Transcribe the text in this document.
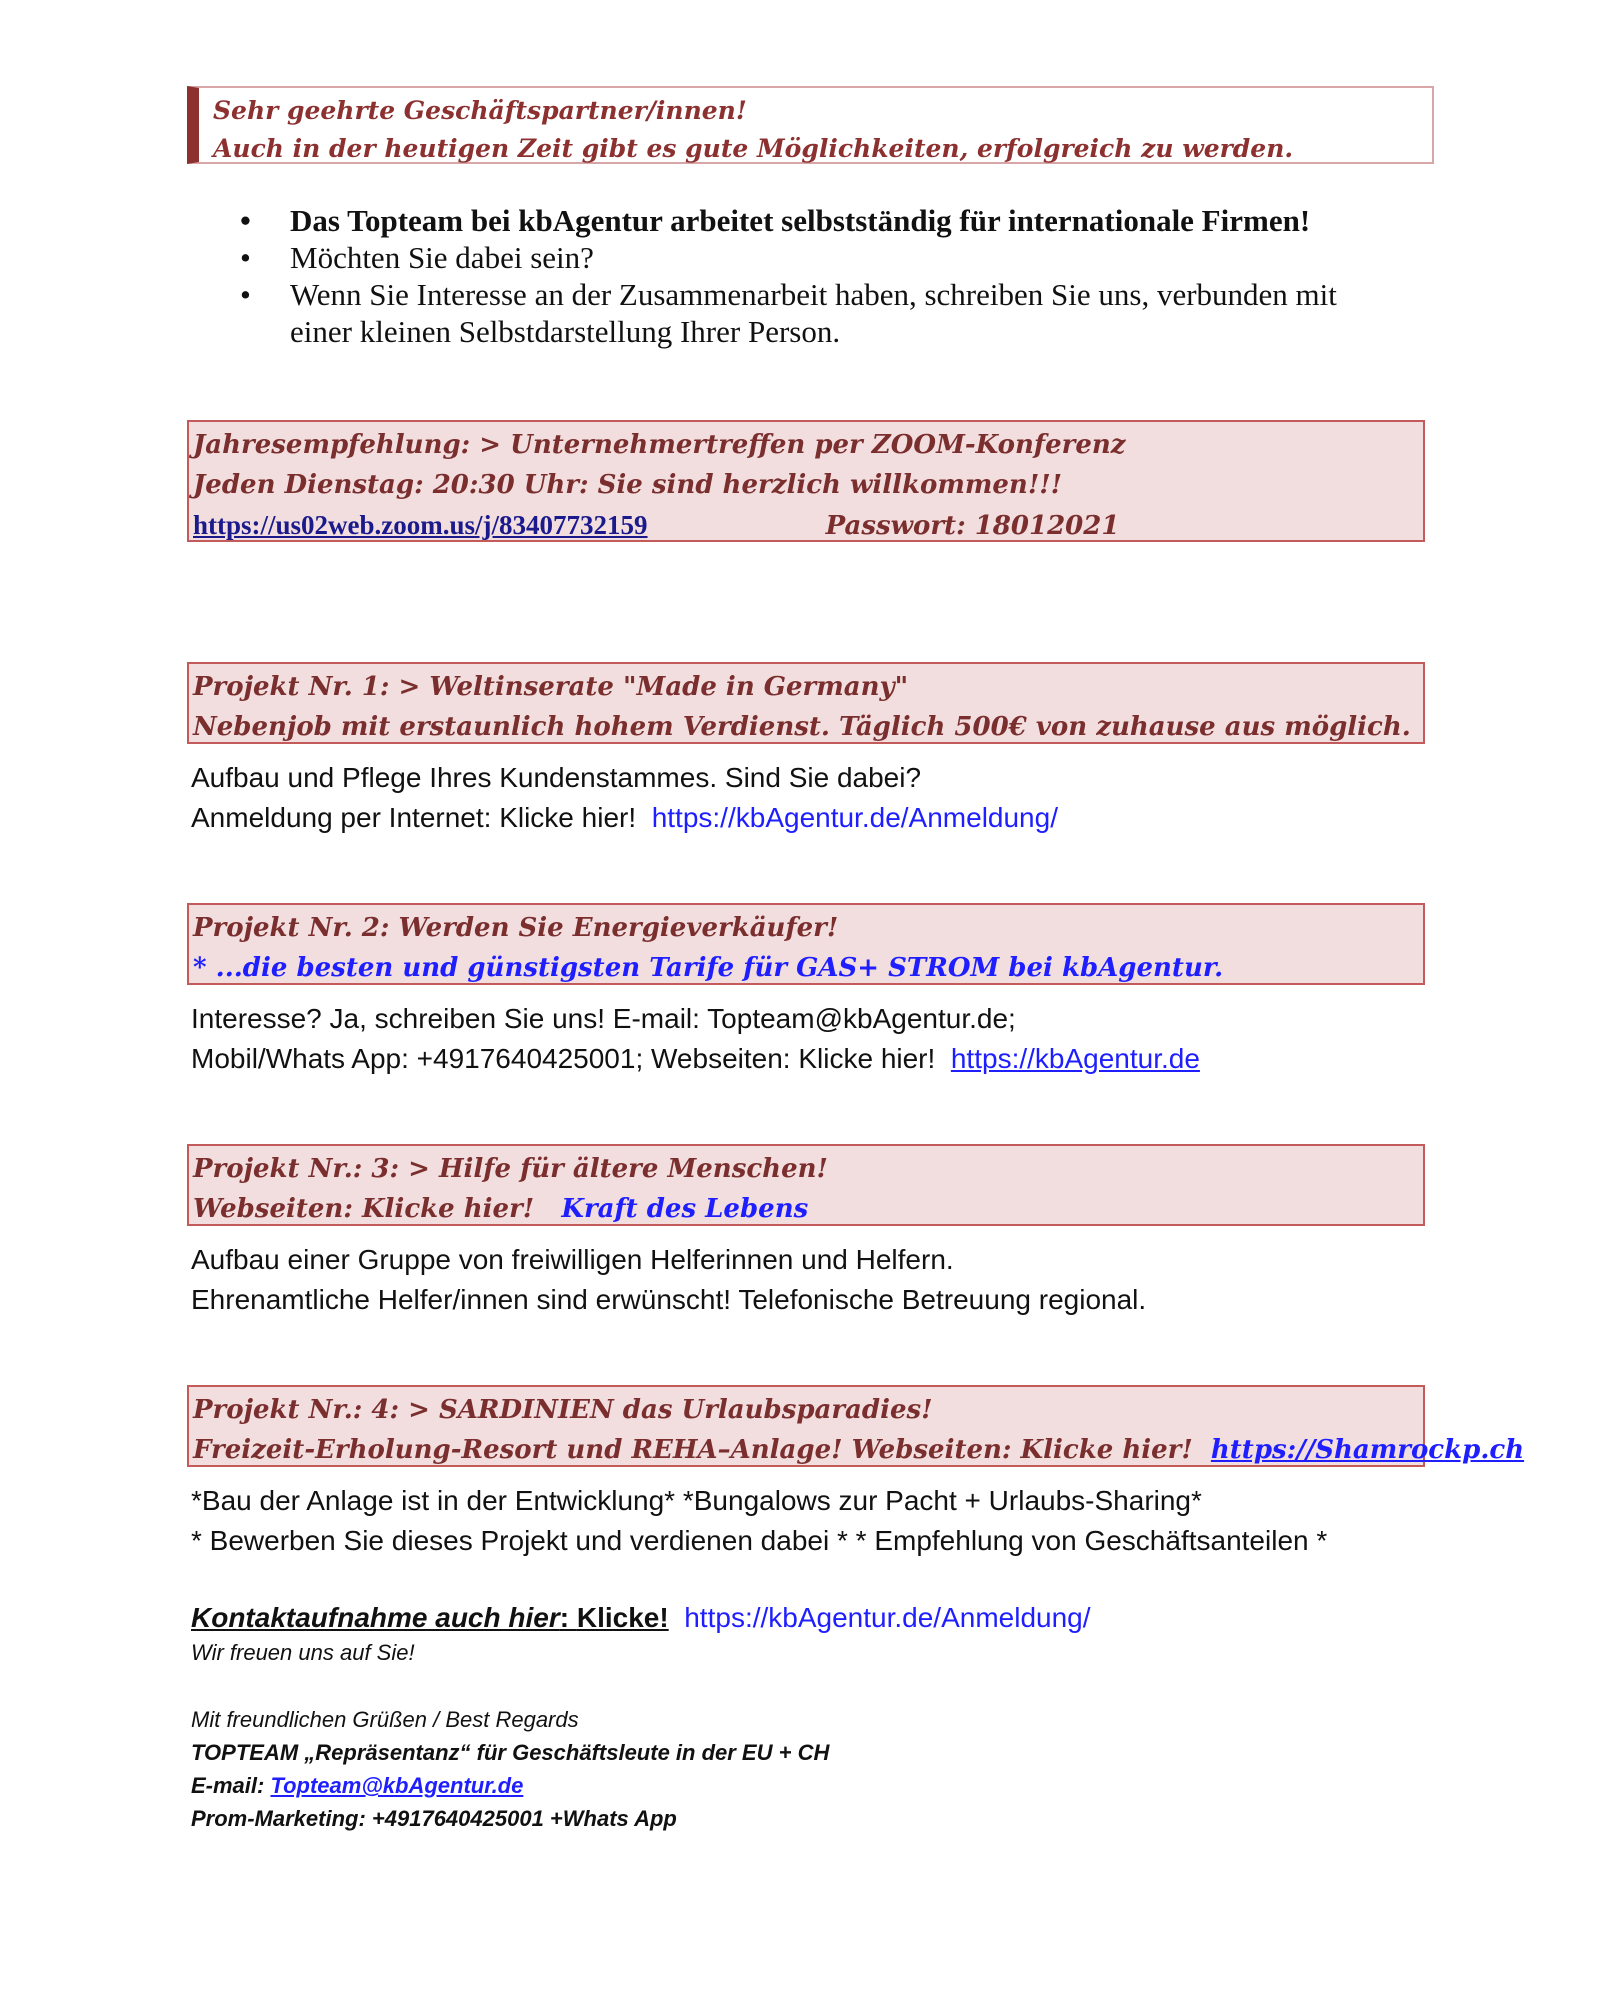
Sehr geehrte Geschäftspartner/innen!
Auch in der heutigen Zeit gibt es gute Möglichkeiten, erfolgreich zu werden.
• Das Topteam bei kbAgentur arbeitet selbstständig für internationale Firmen!
• Möchten Sie dabei sein?
• Wenn Sie Interesse an der Zusammenarbeit haben, schreiben Sie uns, verbunden mit
einer kleinen Selbstdarstellung Ihrer Person.
Jahresempfehlung: > Unternehmertreffen per ZOOM-Konferenz
Jeden Dienstag: 20:30 Uhr: Sie sind herzlich willkommen!!!
https://us02web.zoom.us/j/83407732159	Passwort: 18012021
Projekt Nr. 1: > Weltinserate "Made in Germany"
Nebenjob mit erstaunlich hohem Verdienst. Täglich 500€ von zuhause aus möglich.
Aufbau und Pflege Ihres Kundenstammes. Sind Sie dabei?
Anmeldung per Internet: Klicke hier! https://kbAgentur.de/Anmeldung/
Projekt Nr. 2: Werden Sie Energieverkäufer!
* ...die besten und günstigsten Tarife für GAS+ STROM bei kbAgentur.
Interesse? Ja, schreiben Sie uns! E-mail: Topteam@kbAgentur.de;
Mobil/Whats App: +4917640425001; Webseiten: Klicke hier! https://kbAgentur.de
Projekt Nr.: 3: > Hilfe für ältere Menschen!
Webseiten: Klicke hier! Kraft des Lebens
Aufbau einer Gruppe von freiwilligen Helferinnen und Helfern.
Ehrenamtliche Helfer/innen sind erwünscht! Telefonische Betreuung regional.
Projekt Nr.: 4: > SARDINIEN das Urlaubsparadies!
Freizeit-Erholung-Resort und REHA–Anlage! Webseiten: Klicke hier! https://Shamrockp.ch
*Bau der Anlage ist in der Entwicklung* *Bungalows zur Pacht + Urlaubs-Sharing*
* Bewerben Sie dieses Projekt und verdienen dabei * * Empfehlung von Geschäftsanteilen *
Kontaktaufnahme auch hier: Klicke! https://kbAgentur.de/Anmeldung/
Wir freuen uns auf Sie!
Mit freundlichen Grüßen / Best Regards
TOPTEAM „Repräsentanz“ für Geschäftsleute in der EU + CH
E-mail: Topteam@kbAgentur.de
Prom-Marketing: +4917640425001 +Whats App
